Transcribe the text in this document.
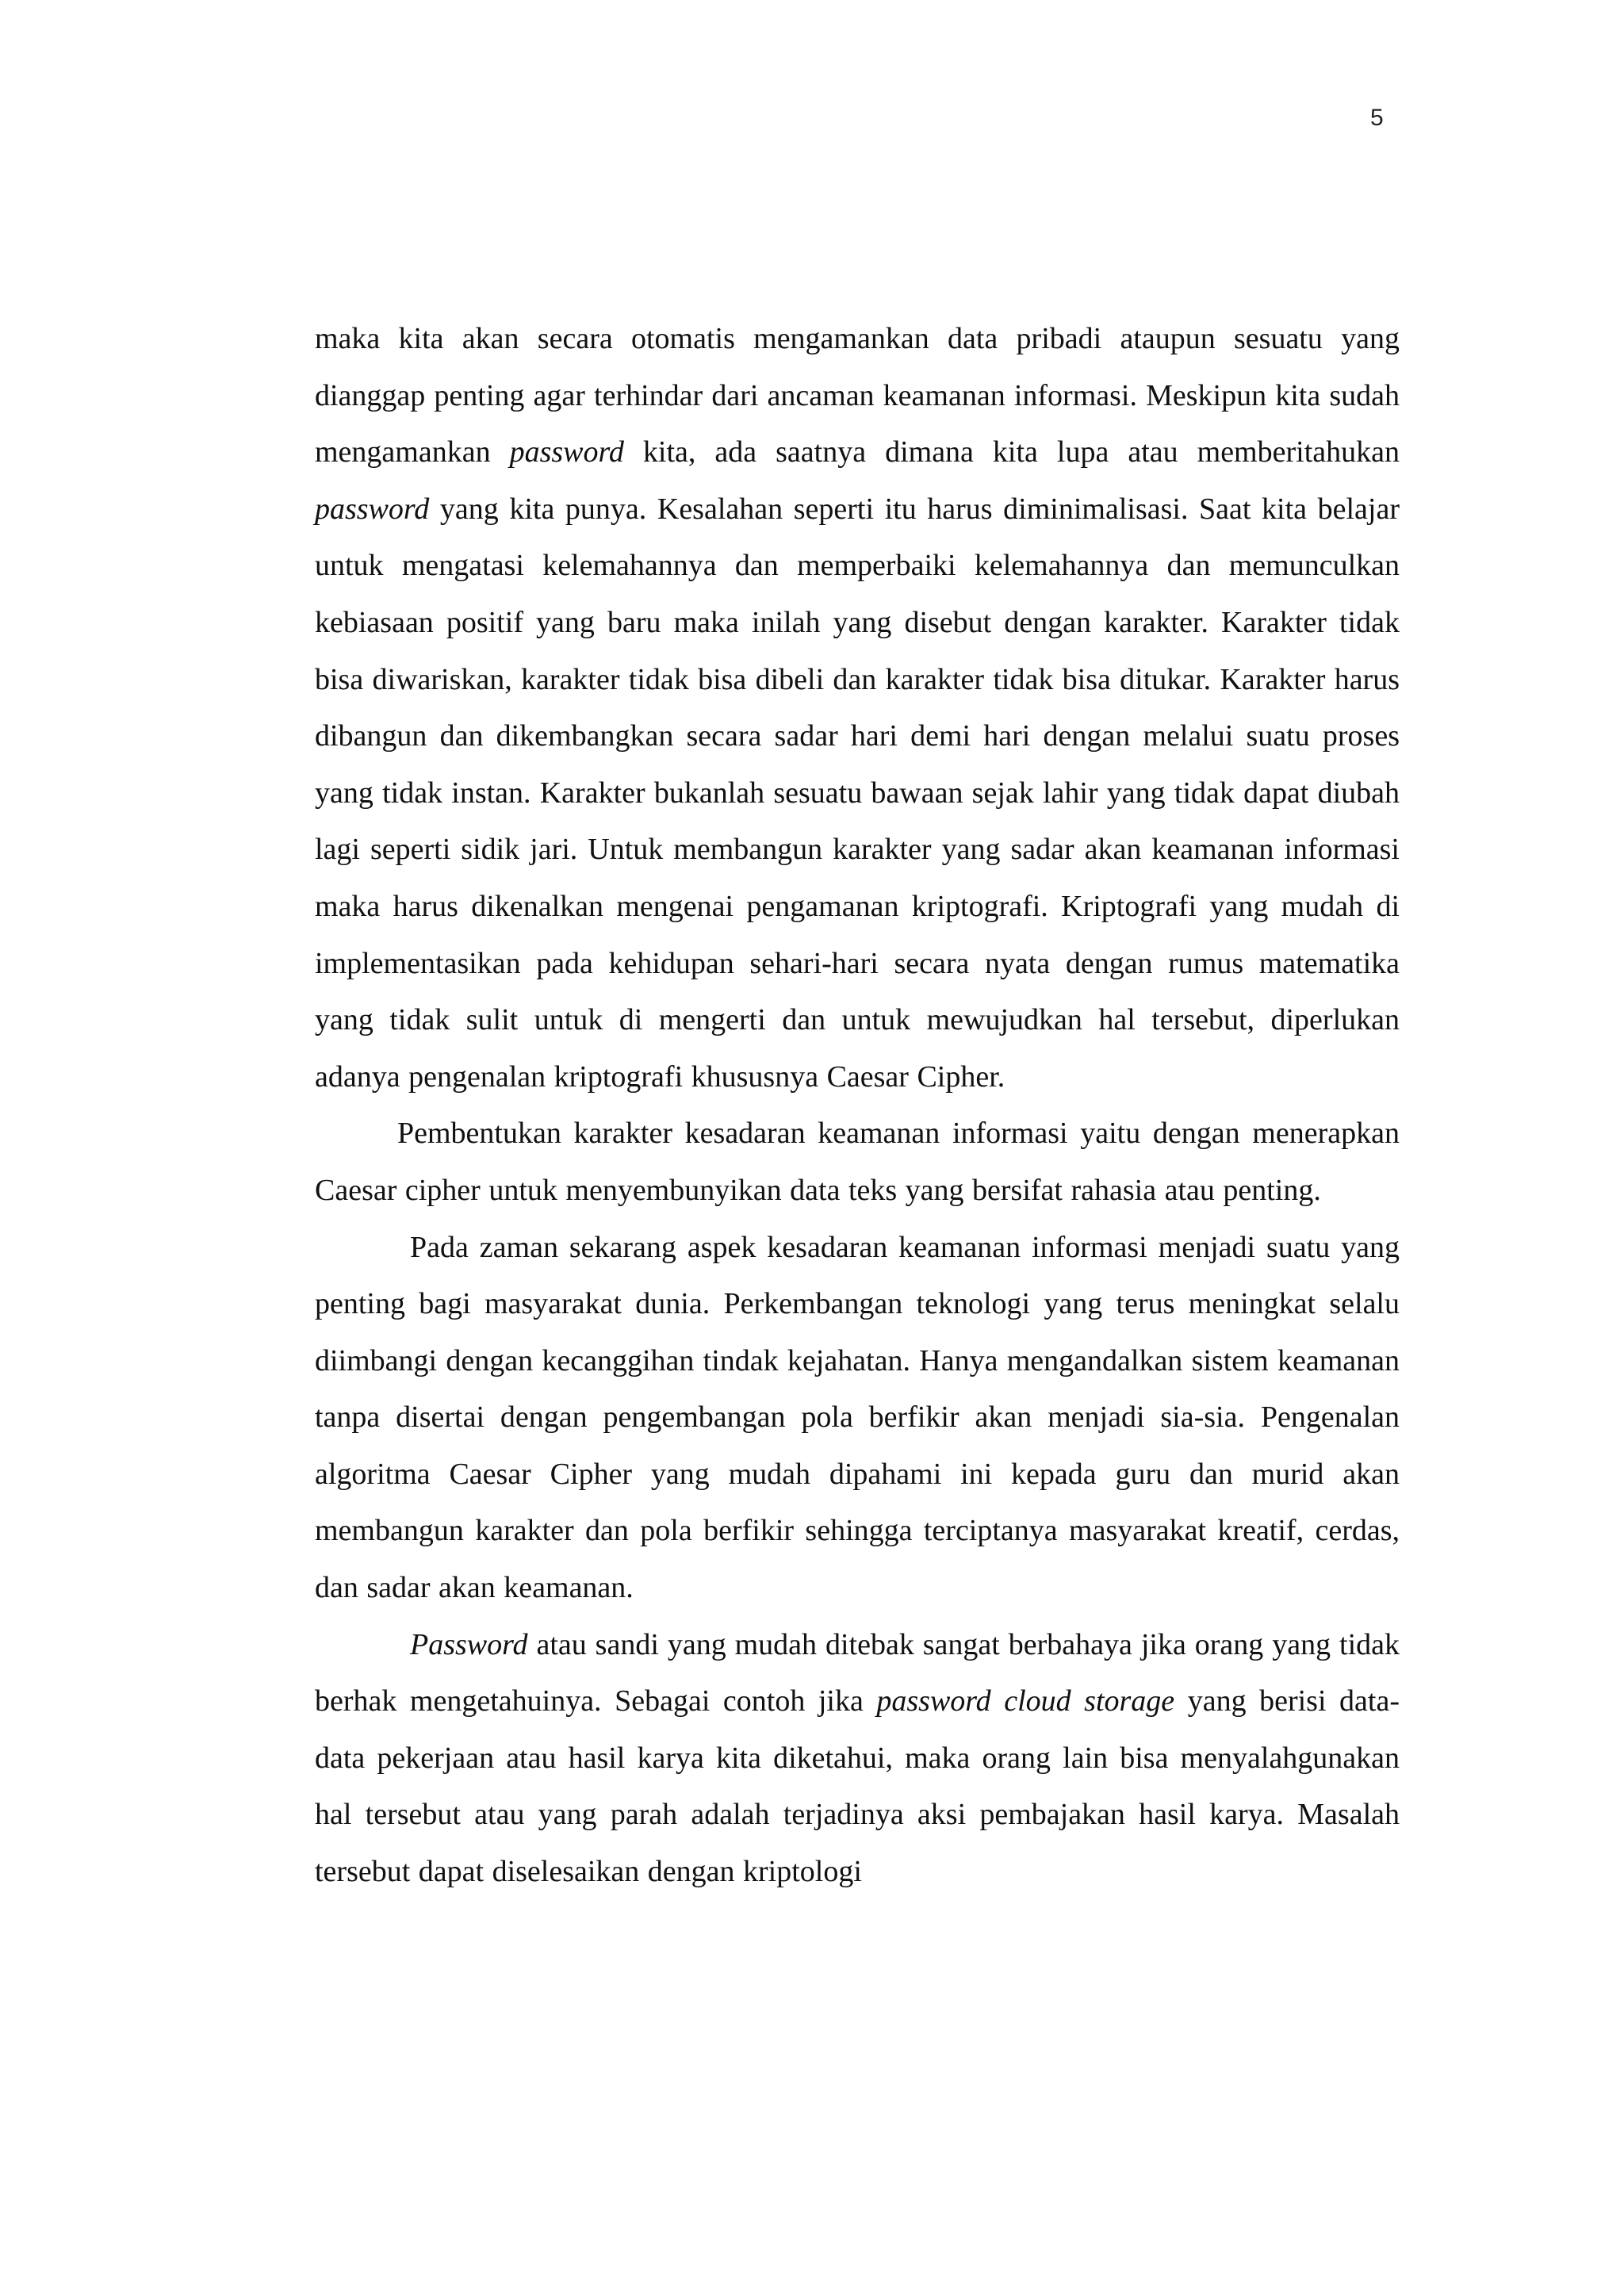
5

maka kita akan secara otomatis mengamankan data pribadi ataupun sesuatu yang dianggap penting agar terhindar dari ancaman keamanan informasi. Meskipun kita sudah mengamankan password kita, ada saatnya dimana kita lupa atau memberitahukan password yang kita punya. Kesalahan seperti itu harus diminimalisasi. Saat kita belajar untuk mengatasi kelemahannya dan memperbaiki kelemahannya dan memunculkan kebiasaan positif yang baru maka inilah yang disebut dengan karakter. Karakter tidak bisa diwariskan, karakter tidak bisa dibeli dan karakter tidak bisa ditukar. Karakter harus dibangun dan dikembangkan secara sadar hari demi hari dengan melalui suatu proses yang tidak instan. Karakter bukanlah sesuatu bawaan sejak lahir yang tidak dapat diubah lagi seperti sidik jari. Untuk membangun karakter yang sadar akan keamanan informasi maka harus dikenalkan mengenai pengamanan kriptografi. Kriptografi yang mudah di implementasikan pada kehidupan sehari-hari secara nyata dengan rumus matematika yang tidak sulit untuk di mengerti dan untuk mewujudkan hal tersebut, diperlukan adanya pengenalan kriptografi khususnya Caesar Cipher.

Pembentukan karakter kesadaran keamanan informasi yaitu dengan menerapkan Caesar cipher untuk menyembunyikan data teks yang bersifat rahasia atau penting.

Pada zaman sekarang aspek kesadaran keamanan informasi menjadi suatu yang penting bagi masyarakat dunia. Perkembangan teknologi yang terus meningkat selalu diimbangi dengan kecanggihan tindak kejahatan. Hanya mengandalkan sistem keamanan tanpa disertai dengan pengembangan pola berfikir akan menjadi sia-sia. Pengenalan algoritma Caesar Cipher yang mudah dipahami ini kepada guru dan murid akan membangun karakter dan pola berfikir sehingga terciptanya masyarakat kreatif, cerdas, dan sadar akan keamanan.

Password atau sandi yang mudah ditebak sangat berbahaya jika orang yang tidak berhak mengetahuinya. Sebagai contoh jika password cloud storage yang berisi data-data pekerjaan atau hasil karya kita diketahui, maka orang lain bisa menyalahgunakan hal tersebut atau yang parah adalah terjadinya aksi pembajakan hasil karya. Masalah tersebut dapat diselesaikan dengan kriptologi
